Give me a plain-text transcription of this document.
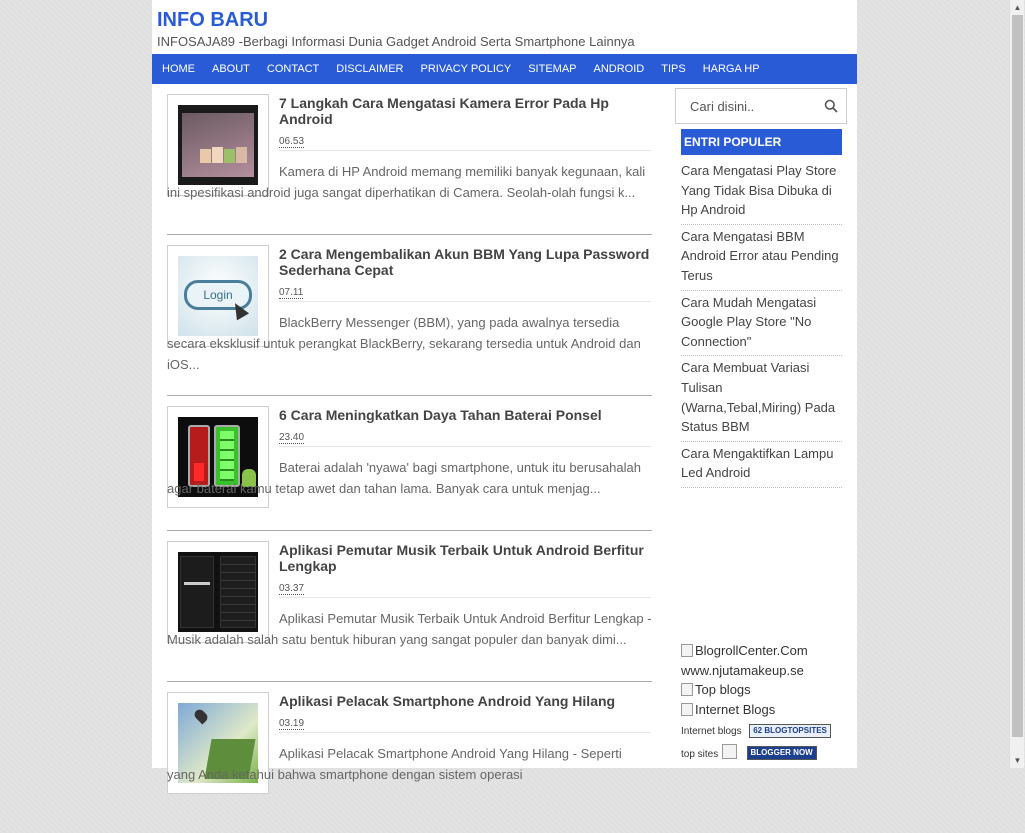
INFO BARU
INFOSAJA89 -Berbagi Informasi Dunia Gadget Android Serta Smartphone Lainnya
HOME	ABOUT	CONTACT	DISCLAIMER	PRIVACY POLICY	SITEMAP	ANDROID	TIPS	HARGA HP
7 Langkah Cara Mengatasi Kamera Error Pada Hp Android
06.53
Kamera di HP Android memang memiliki banyak kegunaan, kali ini spesifikasi android juga sangat diperhatikan di Camera. Seolah-olah fungsi k...
Login
2 Cara Mengembalikan Akun BBM Yang Lupa Password Sederhana Cepat
07.11
BlackBerry Messenger (BBM), yang pada awalnya tersedia secara eksklusif untuk perangkat BlackBerry, sekarang tersedia untuk Android dan iOS...
6 Cara Meningkatkan Daya Tahan Baterai Ponsel
23.40
Baterai adalah 'nyawa' bagi smartphone, untuk itu berusahalah agar baterai kamu tetap awet dan tahan lama. Banyak cara untuk menjag...
Aplikasi Pemutar Musik Terbaik Untuk Android Berfitur Lengkap
03.37
Aplikasi Pemutar Musik Terbaik Untuk Android Berfitur Lengkap - Musik adalah salah satu bentuk hiburan yang sangat populer dan banyak dimi...
Aplikasi Pelacak Smartphone Android Yang Hilang
03.19
Aplikasi Pelacak Smartphone Android Yang Hilang - Seperti yang Anda ketahui bahwa smartphone dengan sistem operasi
Cari disini..
ENTRI POPULER
Cara Mengatasi Play Store Yang Tidak Bisa Dibuka di Hp Android
Cara Mengatasi BBM Android Error atau Pending Terus
Cara Mudah Mengatasi Google Play Store "No Connection"
Cara Membuat Variasi Tulisan (Warna,Tebal,Miring) Pada Status BBM
Cara Mengaktifkan Lampu Led Android
BlogrollCenter.Com
www.njutamakeup.se
Top blogs
Internet Blogs
Internet blogs 62 BLOGTOPSITES
top sites	BLOGGER NOW
▲
▼
